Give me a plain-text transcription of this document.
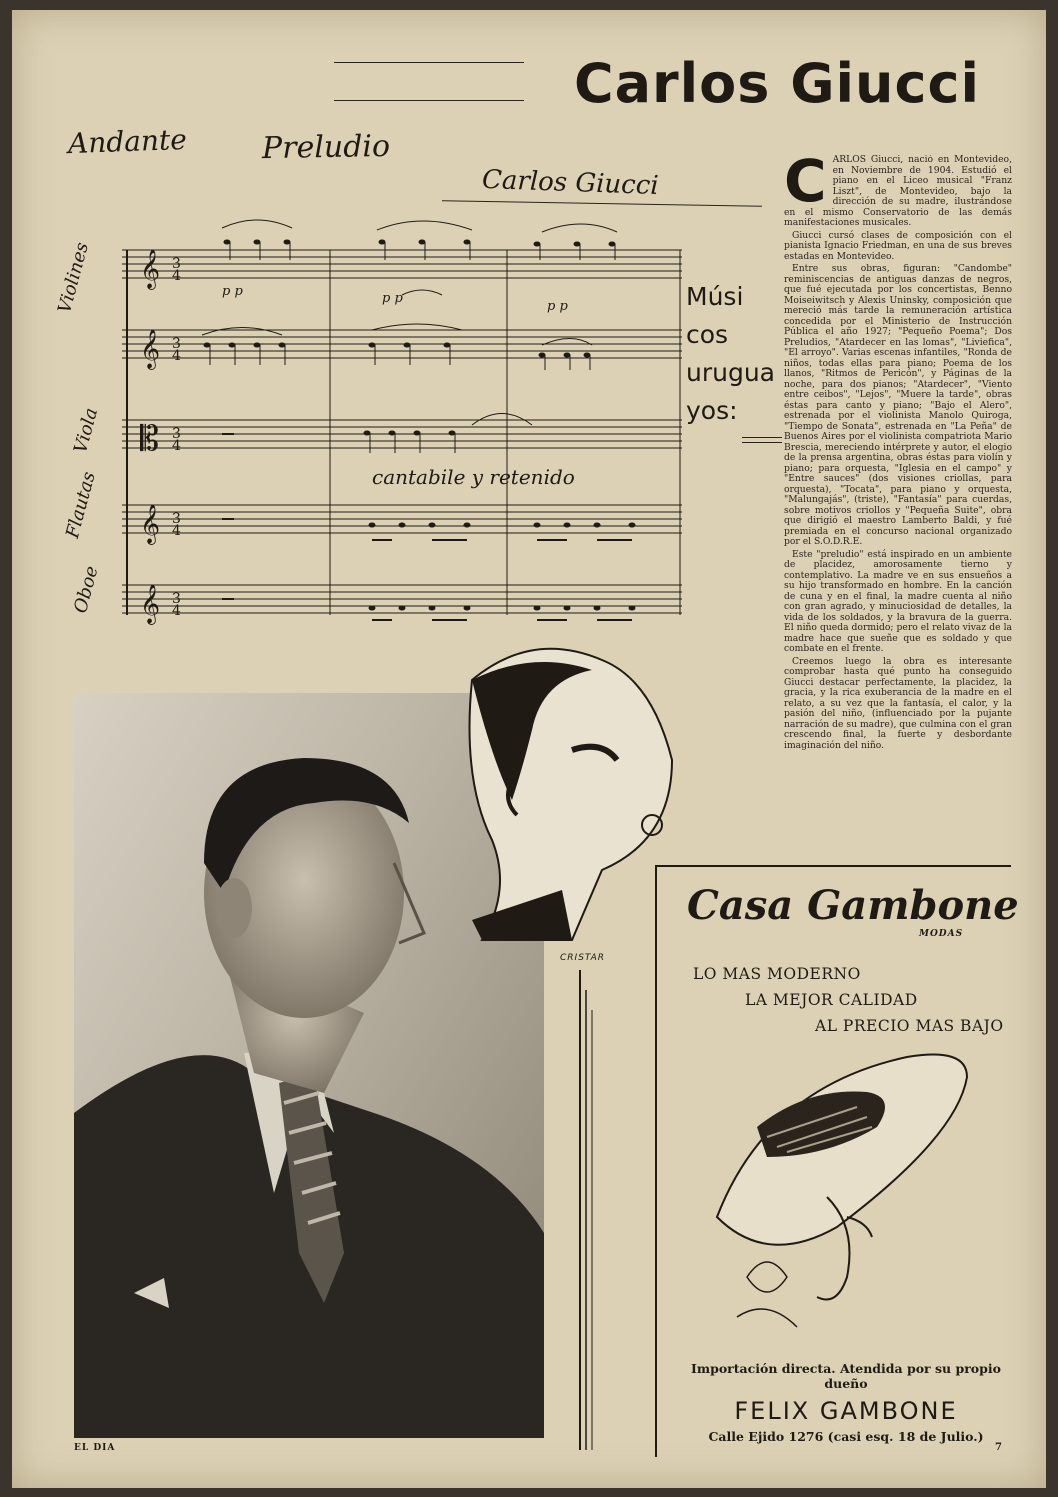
Carlos Giucci
Andante Preludio
Carlos Giucci
𝄞 3
4
𝄞 3
4
𝄡 3
4
𝄞 3
4
𝄞 3
4
p p	p p
p p
Violines
Viola
Flautas
Oboe
cantabile y retenido
Músi
cos
urugua
yos:
C ARLOS Giucci, nació en Montevideo, en Noviembre de 1904. Estudió el piano en el Liceo musical "Franz Liszt", de Montevideo, bajo la dirección de su madre, ilustrándose en el mismo Conservatorio de las demás manifestaciones musicales.

Giucci cursó clases de composición con el pianista Ignacio Friedman, en una de sus breves estadas en Montevideo.

Entre sus obras, figuran: "Candombe" reminiscencias de antiguas danzas de negros, que fué ejecutada por los concertistas, Benno Moiseiwitsch y Alexis Uninsky, composición que mereció más tarde la remuneración artística concedida por el Ministerio de Instrucción Pública el año 1927; "Pequeño Poema"; Dos Preludios, "Atardecer en las lomas", "Liviefica", "El arroyo". Varias escenas infantiles, "Ronda de niños, todas ellas para piano; Poema de los llanos, "Ritmos de Pericón", y Páginas de la noche, para dos pianos; "Atardecer", "Viento entre ceibos", "Lejos", "Muere la tarde", obras éstas para canto y piano; "Bajo el Alero", estrenada por el violinista Manolo Quiroga, "Tiempo de Sonata", estrenada en "La Peña" de Buenos Aires por el violinista compatriota Mario Brescia, mereciendo intérprete y autor, el elogio de la prensa argentina, obras éstas para violín y piano; para orquesta, "Iglesia en el campo" y "Entre sauces" (dos visiones criollas, para orquesta), "Tocata", para piano y orquesta, "Malungajás", (triste), "Fantasía" para cuerdas, sobre motivos criollos y "Pequeña Suite", obra que dirigió el maestro Lamberto Baldi, y fué premiada en el concurso nacional organizado por el S.O.D.R.E.

Este "preludio" está inspirado en un ambiente de placidez, amorosamente tierno y contemplativo. La madre ve en sus ensueños a su hijo transformado en hombre. En la canción de cuna y en el final, la madre cuenta al niño con gran agrado, y minuciosidad de detalles, la vida de los soldados, y la bravura de la guerra. El niño queda dormido; pero el relato vivaz de la madre hace que sueñe que es soldado y que combate en el frente.

Creemos luego la obra es interesante comprobar hasta qué punto ha conseguido Giucci destacar perfectamente, la placidez, la gracia, y la rica exuberancia de la madre en el relato, a su vez que la fantasía, el calor, y la pasión del niño, (influenciado por la pujante narración de su madre), que culmina con el gran crescendo final, la fuerte y desbordante imaginación del niño.

CRISTAR
Casa Gambone
MODAS
LO MAS MODERNO
LA MEJOR CALIDAD
AL PRECIO MAS BAJO
Importación directa. Atendida por su propio dueño
FELIX GAMBONE
Calle Ejido 1276 (casi esq. 18 de Julio.)
EL DIA	7
